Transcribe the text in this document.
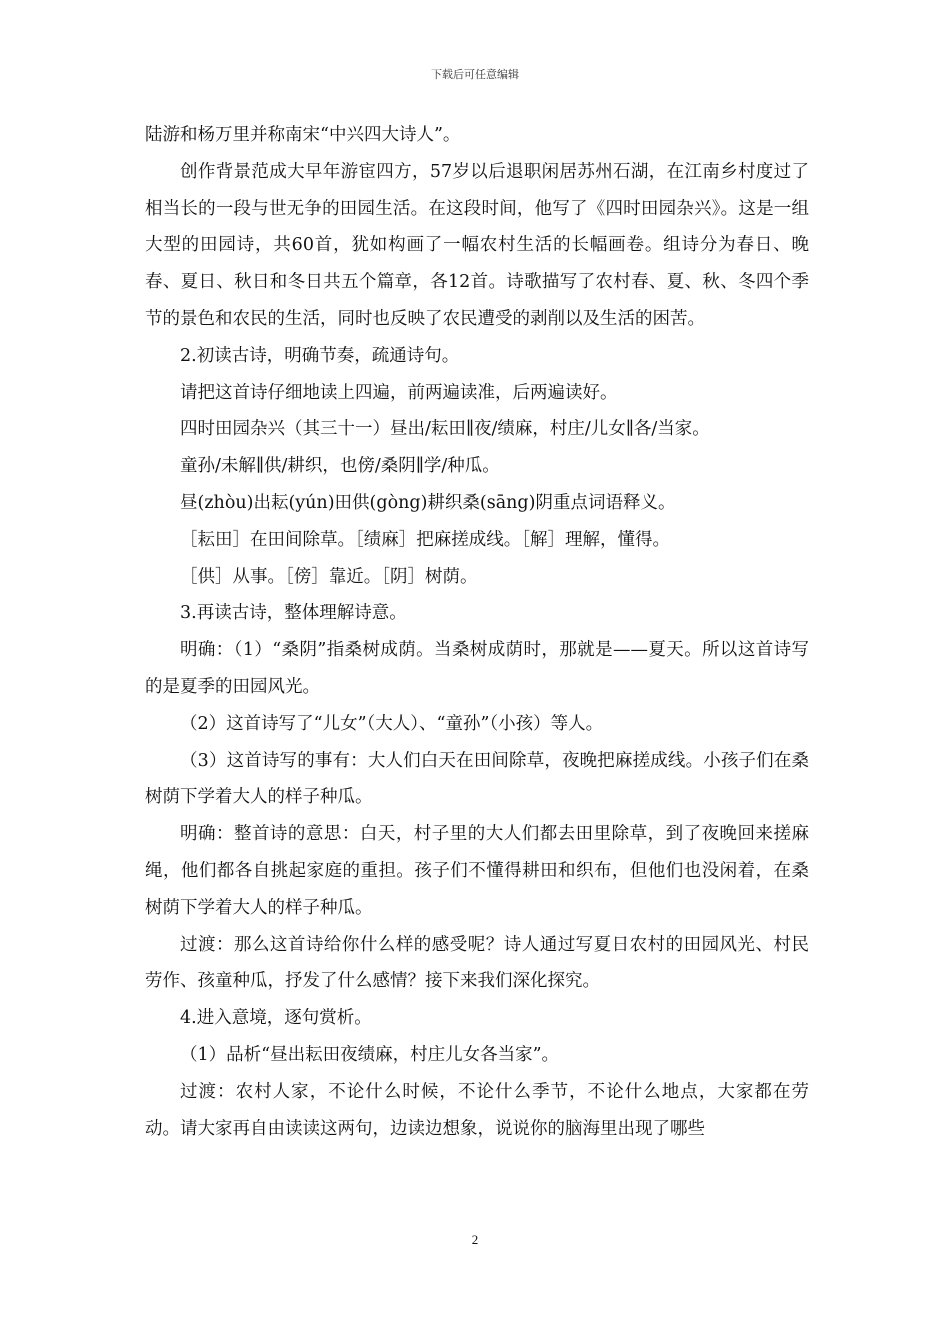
下载后可任意编辑

陆游和杨万里并称南宋“中兴四大诗人”。

创作背景范成大早年游宦四方，57岁以后退职闲居苏州石湖，在江南乡村度过了相当长的一段与世无争的田园生活。在这段时间，他写了《四时田园杂兴》。这是一组大型的田园诗，共60首，犹如构画了一幅农村生活的长幅画卷。组诗分为春日、晚春、夏日、秋日和冬日共五个篇章，各12首。诗歌描写了农村春、夏、秋、冬四个季节的景色和农民的生活，同时也反映了农民遭受的剥削以及生活的困苦。

2.初读古诗，明确节奏，疏通诗句。

请把这首诗仔细地读上四遍，前两遍读准，后两遍读好。

四时田园杂兴（其三十一）昼出/耘田∥夜/绩麻，村庄/儿女∥各/当家。

童孙/未解∥供/耕织，也傍/桑阴∥学/种瓜。

昼(zhòu)出耘(yún)田供(gòng)耕织桑(sāng)阴重点词语释义。

［耘田］在田间除草。［绩麻］把麻搓成线。［解］理解，懂得。

［供］从事。［傍］靠近。［阴］树荫。

3.再读古诗，整体理解诗意。

明确：（1）“桑阴”指桑树成荫。当桑树成荫时，那就是——夏天。所以这首诗写的是夏季的田园风光。

（2）这首诗写了“儿女”（大人）、“童孙”（小孩）等人。

（3）这首诗写的事有：大人们白天在田间除草，夜晚把麻搓成线。小孩子们在桑树荫下学着大人的样子种瓜。

明确：整首诗的意思：白天，村子里的大人们都去田里除草，到了夜晚回来搓麻绳，他们都各自挑起家庭的重担。孩子们不懂得耕田和织布，但他们也没闲着，在桑树荫下学着大人的样子种瓜。

过渡：那么这首诗给你什么样的感受呢？诗人通过写夏日农村的田园风光、村民劳作、孩童种瓜，抒发了什么感情？接下来我们深化探究。

4.进入意境，逐句赏析。

（1）品析“昼出耘田夜绩麻，村庄儿女各当家”。

过渡：农村人家，不论什么时候，不论什么季节，不论什么地点，大家都在劳动。请大家再自由读读这两句，边读边想象，说说你的脑海里出现了哪些

2
